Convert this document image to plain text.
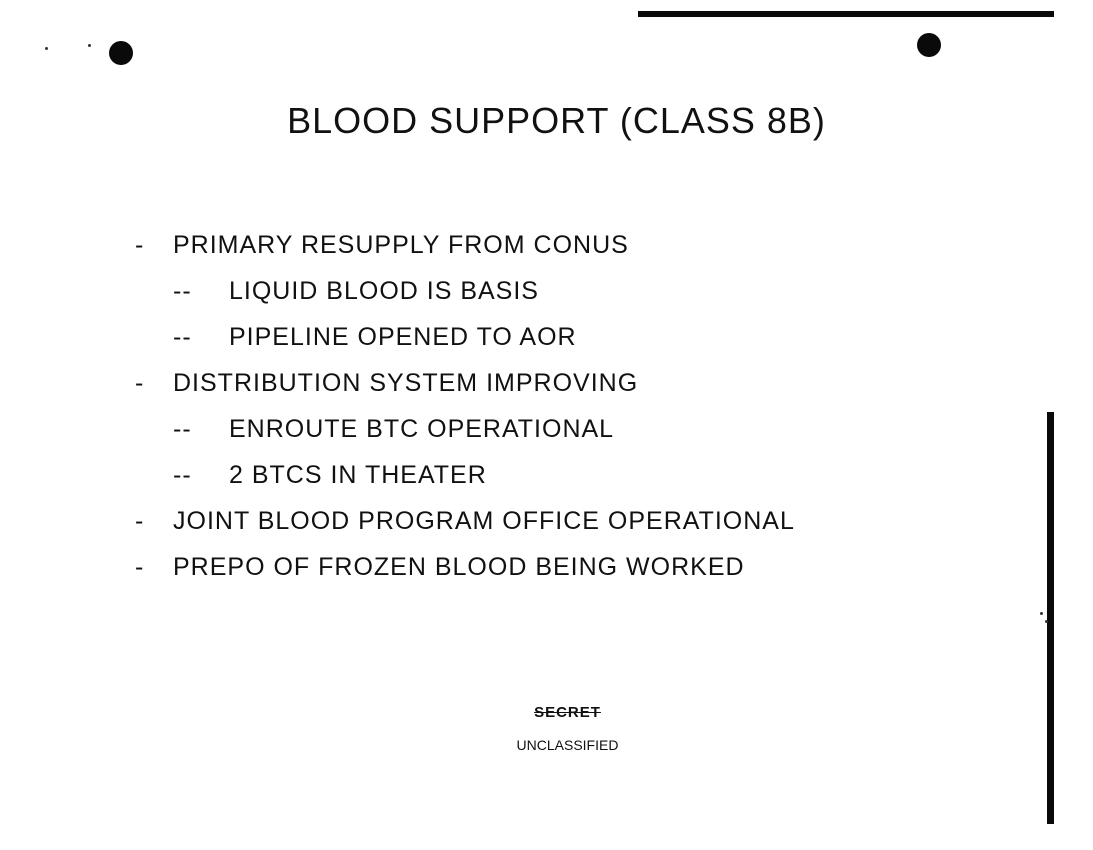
BLOOD SUPPORT (CLASS 8B)
- PRIMARY RESUPPLY FROM CONUS
-- LIQUID BLOOD IS BASIS
-- PIPELINE OPENED TO AOR
- DISTRIBUTION SYSTEM IMPROVING
-- ENROUTE BTC OPERATIONAL
-- 2 BTCS IN THEATER
- JOINT BLOOD PROGRAM OFFICE OPERATIONAL
- PREPO OF FROZEN BLOOD BEING WORKED
SECRET
UNCLASSIFIED
